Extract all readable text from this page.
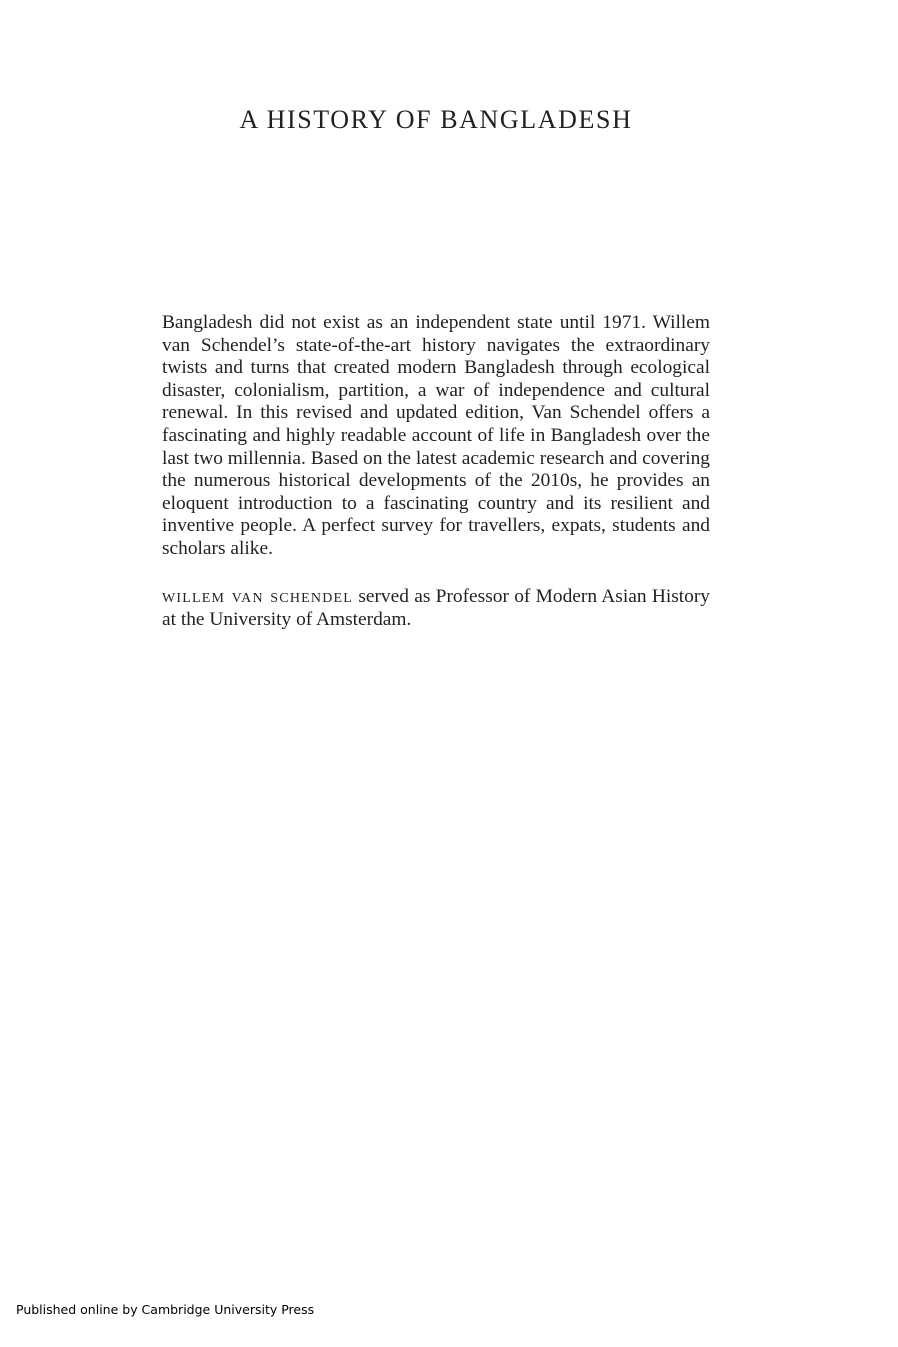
A HISTORY OF BANGLADESH

Bangladesh did not exist as an independent state until 1971. Willem van Schendel’s state-of-the-art history navigates the extraordinary twists and turns that created modern Bangladesh through ecological disaster, colonialism, partition, a war of independence and cultural renewal. In this revised and updated edition, Van Schendel offers a fascinating and highly readable account of life in Bangladesh over the last two millennia. Based on the latest academic research and covering the numerous historical developments of the 2010s, he provides an eloquent introduction to a fascinating country and its resilient and inventive people. A perfect survey for travellers, expats, students and scholars alike.

willem van schendel served as Professor of Modern Asian History at the University of Amsterdam.

Published online by Cambridge University Press
